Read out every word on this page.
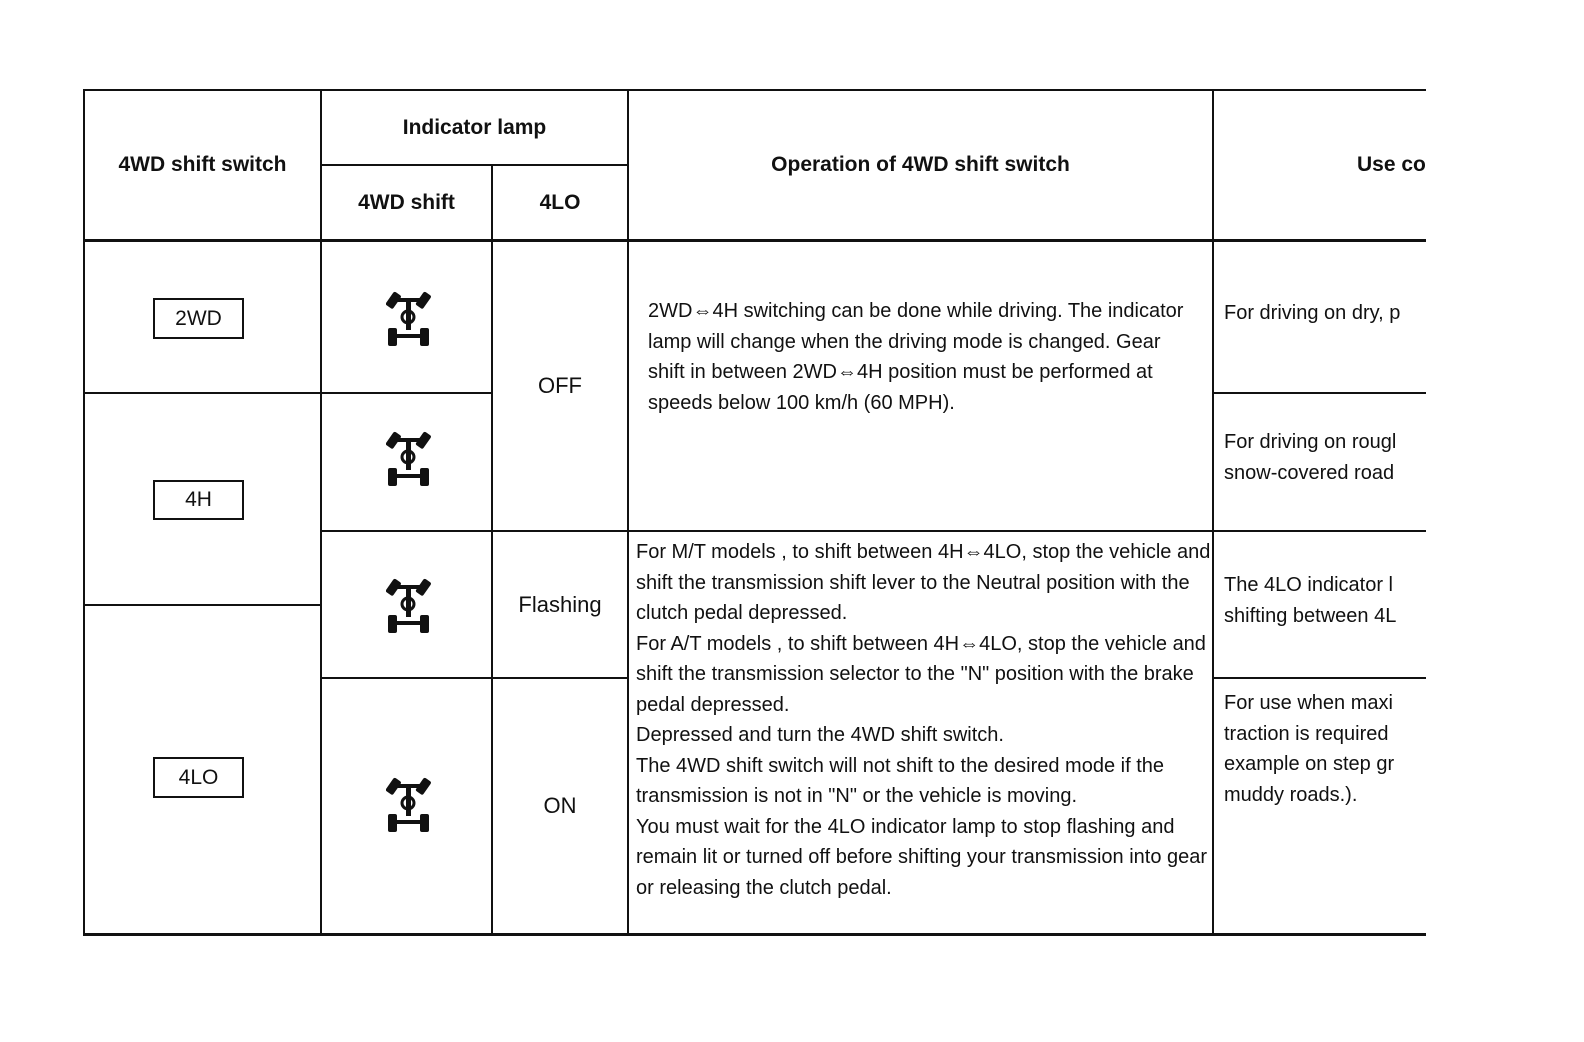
4WD shift switch
Indicator lamp
4WD shift	4LO
Operation of 4WD shift switch	Use co
2WD
4H
4LO
OFF
Flashing
ON
2WD⇔4H switching can be done while driving. The indicator lamp will change when the driving mode is changed. Gear shift in between 2WD⇔4H position must be performed at speeds below 100 km/h (60 MPH).
For M/T models , to shift between 4H⇔4LO, stop the vehicle and shift the transmission shift lever to the Neutral position with the clutch pedal depressed.
For A/T models , to shift between 4H⇔4LO, stop the vehicle and shift the transmission selector to the "N" position with the brake pedal depressed.
Depressed and turn the 4WD shift switch.
The 4WD shift switch will not shift to the desired mode if the transmission is not in "N" or the vehicle is moving.
You must wait for the 4LO indicator lamp to stop flashing and remain lit or turned off before shifting your transmission into gear or releasing the clutch pedal.
For driving on dry, p
For driving on rougl
snow-covered road
The 4LO indicator l
shifting between 4L
For use when maxi
traction is required
example on step gr
muddy roads.).
